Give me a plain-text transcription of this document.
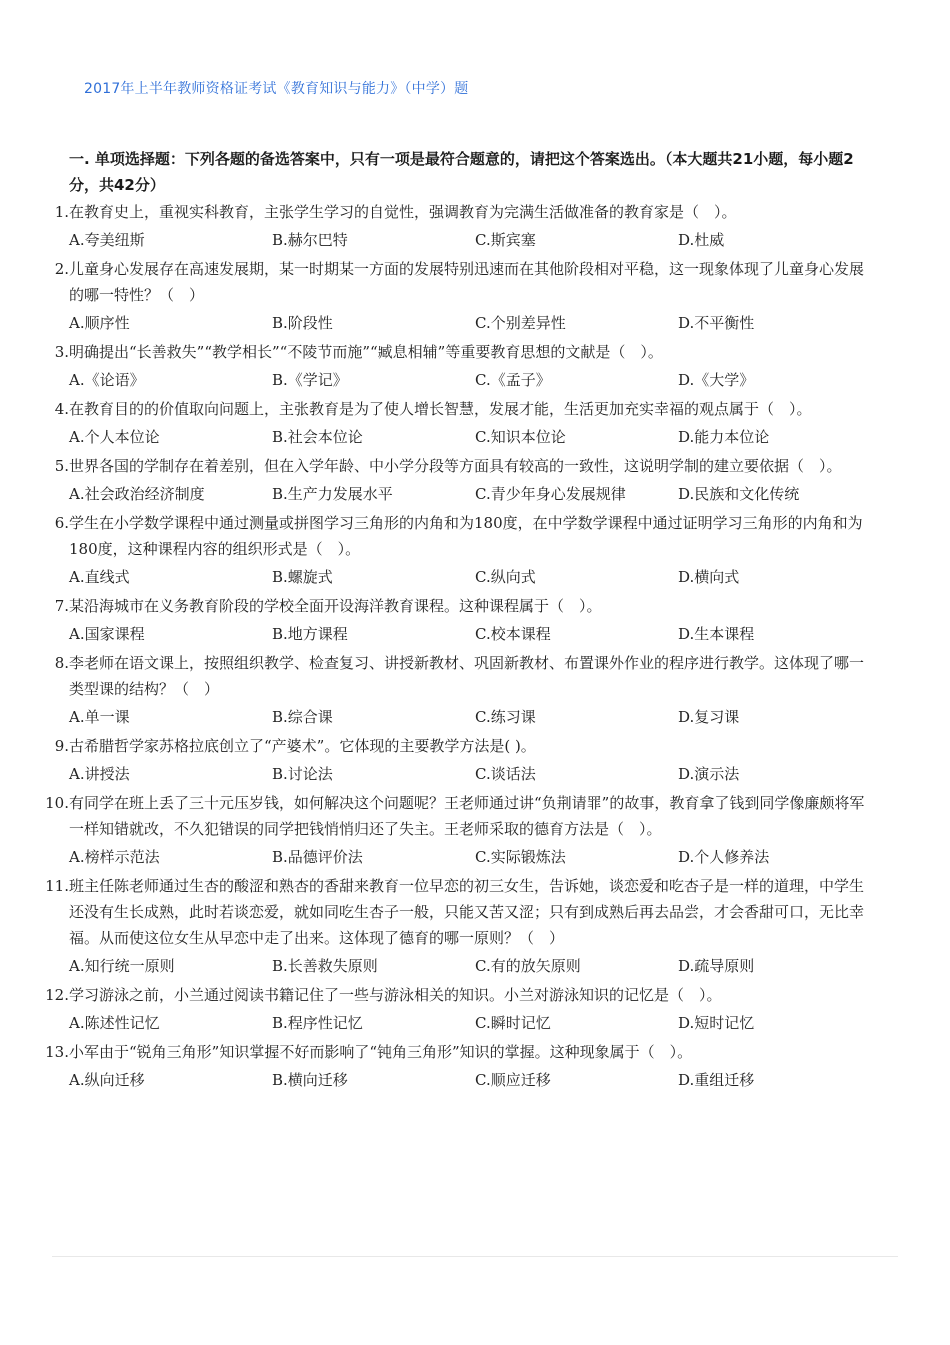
2017年上半年教师资格证考试《教育知识与能力》（中学）题
一. 单项选择题：下列各题的备选答案中，只有一项是最符合题意的，请把这个答案选出。（本大题共21小题，每小题2分，共42分）
1. 在教育史上，重视实科教育，主张学生学习的自觉性，强调教育为完满生活做准备的教育家是（　）。
A.夸美纽斯	B.赫尔巴特	C.斯宾塞	D.杜威
2. 儿童身心发展存在高速发展期，某一时期某一方面的发展特别迅速而在其他阶段相对平稳，这一现象体现了儿童身心发展的哪一特性？（　）
A.顺序性	B.阶段性	C.个别差异性	D.不平衡性
3. 明确提出“长善救失”“教学相长”“不陵节而施”“臧息相辅”等重要教育思想的文献是（　）。
A.《论语》	B.《学记》	C.《孟子》	D.《大学》
4. 在教育目的的价值取向问题上，主张教育是为了使人增长智慧，发展才能，生活更加充实幸福的观点属于（　）。
A.个人本位论	B.社会本位论	C.知识本位论	D.能力本位论
5. 世界各国的学制存在着差别，但在入学年龄、中小学分段等方面具有较高的一致性，这说明学制的建立要依据（　）。
A.社会政治经济制度	B.生产力发展水平	C.青少年身心发展规律	D.民族和文化传统
6. 学生在小学数学课程中通过测量或拼图学习三角形的内角和为180度，在中学数学课程中通过证明学习三角形的内角和为180度，这种课程内容的组织形式是（　）。
A.直线式	B.螺旋式	C.纵向式	D.横向式
7. 某沿海城市在义务教育阶段的学校全面开设海洋教育课程。这种课程属于（　）。
A.国家课程	B.地方课程	C.校本课程	D.生本课程
8. 李老师在语文课上，按照组织教学、检查复习、讲授新教材、巩固新教材、布置课外作业的程序进行教学。这体现了哪一类型课的结构？（　）
A.单一课	B.综合课	C.练习课	D.复习课
9. 古希腊哲学家苏格拉底创立了“产婆术”。它体现的主要教学方法是( )。
A.讲授法	B.讨论法	C.谈话法	D.演示法
10. 有同学在班上丢了三十元压岁钱，如何解决这个问题呢？王老师通过讲“负荆请罪”的故事，教育拿了钱到同学像廉颇将军一样知错就改，不久犯错误的同学把钱悄悄归还了失主。王老师采取的德育方法是（　）。
A.榜样示范法	B.品德评价法	C.实际锻炼法	D.个人修养法
11. 班主任陈老师通过生杏的酸涩和熟杏的香甜来教育一位早恋的初三女生，告诉她，谈恋爱和吃杏子是一样的道理，中学生还没有生长成熟，此时若谈恋爱，就如同吃生杏子一般，只能又苦又涩；只有到成熟后再去品尝，才会香甜可口，无比幸福。从而使这位女生从早恋中走了出来。这体现了德育的哪一原则？（　）
A.知行统一原则	B.长善救失原则	C.有的放矢原则	D.疏导原则
12. 学习游泳之前，小兰通过阅读书籍记住了一些与游泳相关的知识。小兰对游泳知识的记忆是（　）。
A.陈述性记忆	B.程序性记忆	C.瞬时记忆	D.短时记忆
13. 小军由于“锐角三角形”知识掌握不好而影响了“钝角三角形”知识的掌握。这种现象属于（　）。
A.纵向迁移	B.横向迁移	C.顺应迁移	D.重组迁移
